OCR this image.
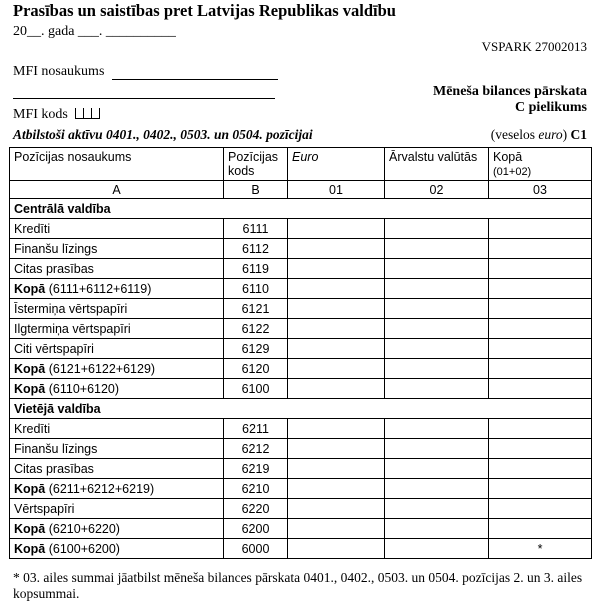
Prasības un saistības pret Latvijas Republikas valdību
20__. gada ___. __________
VSPARK 27002013
MFI nosaukums
Mēneša bilances pārskata
C pielikums
MFI kods
Atbilstoši aktīvu 0401., 0402., 0503. un 0504. pozīcijai	(veselos euro) C1
Pozīcijas nosaukums	Pozīcijas kods	Euro	Ārvalstu valūtās	Kopā
(01+02)
A	B	01	02	03
Centrālā valdība				
Kredīti	6111			
Finanšu līzings	6112			
Citas prasības	6119			
Kopā (6111+6112+6119)	6110			
Īstermiņa vērtspapīri	6121			
Ilgtermiņa vērtspapīri	6122			
Citi vērtspapīri	6129			
Kopā (6121+6122+6129)	6120			
Kopā (6110+6120)	6100			
Vietējā valdība				
Kredīti	6211			
Finanšu līzings	6212			
Citas prasības	6219			
Kopā (6211+6212+6219)	6210			
Vērtspapīri	6220			
Kopā (6210+6220)	6200			
Kopā (6100+6200)	6000			*
* 03. ailes summai jāatbilst mēneša bilances pārskata 0401., 0402., 0503. un 0504. pozīcijas 2. un 3. ailes kopsummai.
